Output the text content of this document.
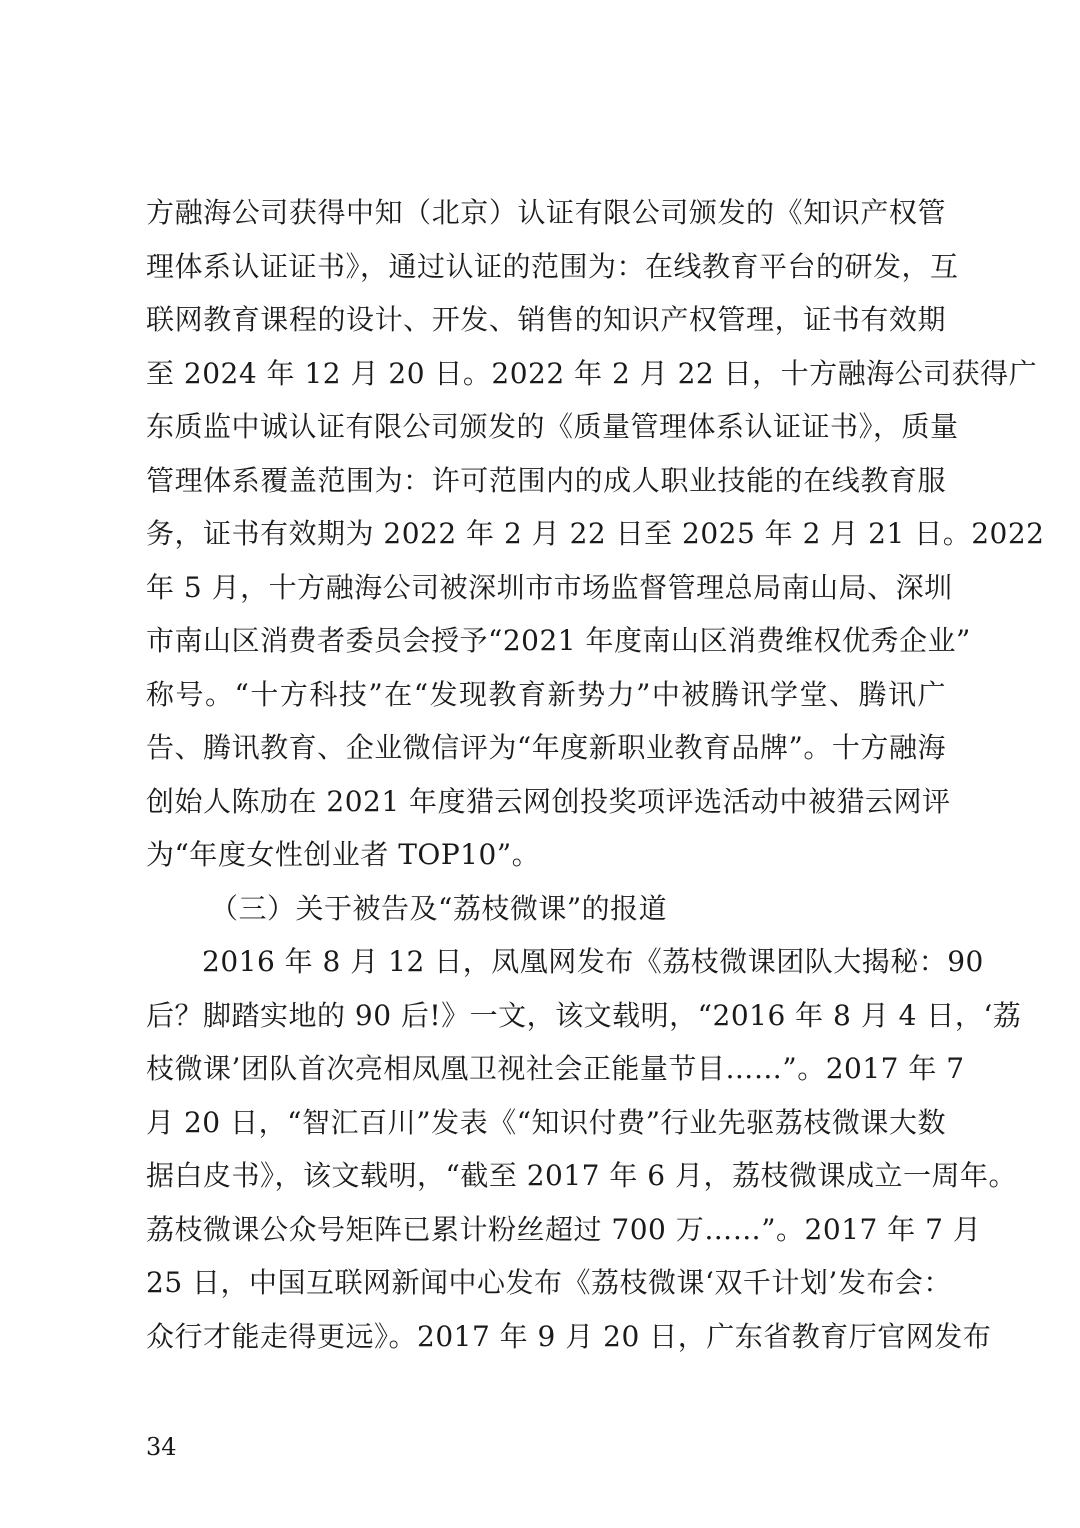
方融海公司获得中知（北京）认证有限公司颁发的《知识产权管
理体系认证证书》，通过认证的范围为：在线教育平台的研发，互
联网教育课程的设计、开发、销售的知识产权管理，证书有效期
至 2024 年 12 月 20 日。2022 年 2 月 22 日，十方融海公司获得广
东质监中诚认证有限公司颁发的《质量管理体系认证证书》，质量
管理体系覆盖范围为：许可范围内的成人职业技能的在线教育服
务，证书有效期为 2022 年 2 月 22 日至 2025 年 2 月 21 日。2022
年 5 月，十方融海公司被深圳市市场监督管理总局南山局、深圳
市南山区消费者委员会授予“2021 年度南山区消费维权优秀企业”
称号。“十方科技”在“发现教育新势力”中被腾讯学堂、腾讯广
告、腾讯教育、企业微信评为“年度新职业教育品牌”。十方融海
创始人陈劢在 2021 年度猎云网创投奖项评选活动中被猎云网评
为“年度女性创业者 TOP10”。
（三）关于被告及“荔枝微课”的报道
2016 年 8 月 12 日，凤凰网发布《荔枝微课团队大揭秘：90
后？脚踏实地的 90 后!》一文，该文载明，“2016 年 8 月 4 日，‘荔
枝微课’团队首次亮相凤凰卫视社会正能量节目……”。2017 年 7
月 20 日，“智汇百川”发表《“知识付费”行业先驱荔枝微课大数
据白皮书》，该文载明，“截至 2017 年 6 月，荔枝微课成立一周年。
荔枝微课公众号矩阵已累计粉丝超过 700 万……”。2017 年 7 月
25 日，中国互联网新闻中心发布《荔枝微课‘双千计划’发布会：
众行才能走得更远》。2017 年 9 月 20 日，广东省教育厅官网发布
34
